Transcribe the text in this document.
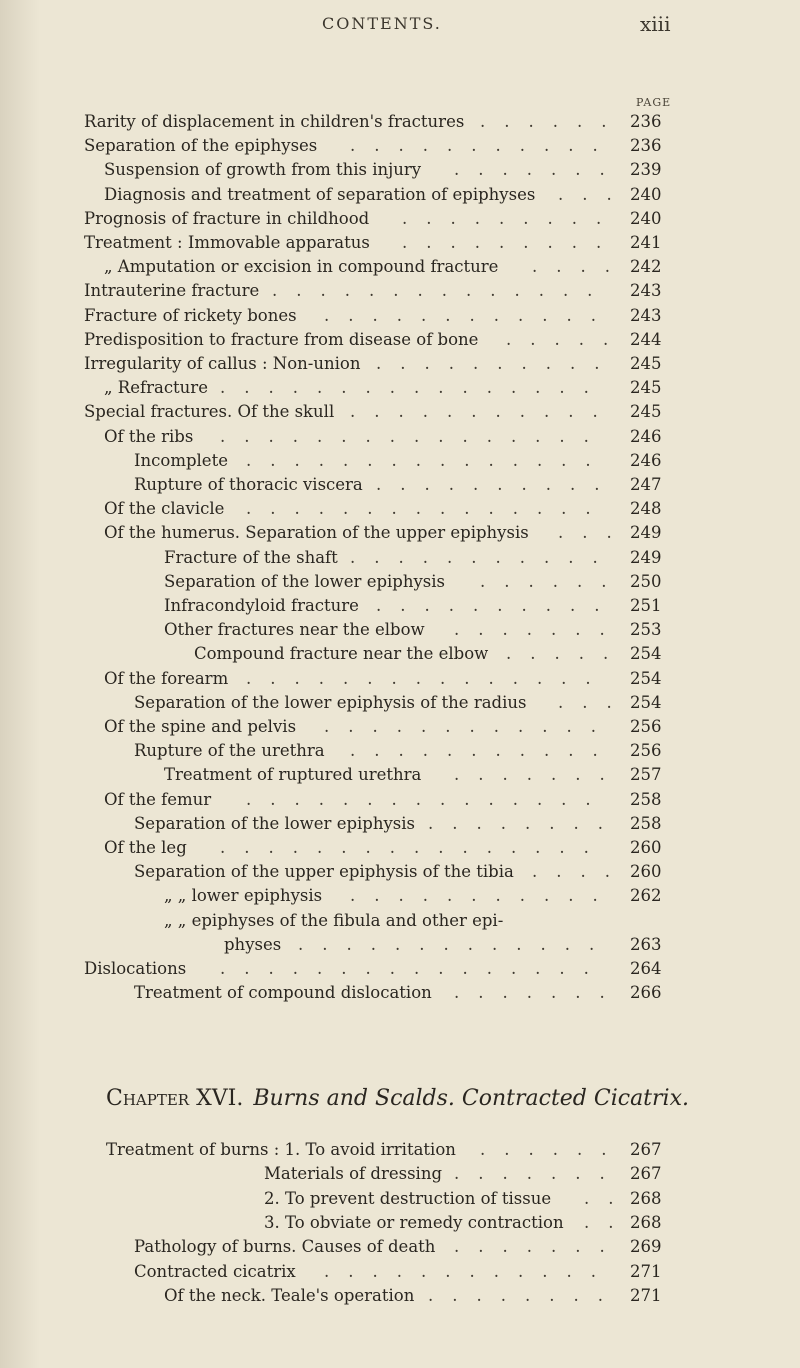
CONTENTS.	xiii
PAGE
Rarity of displacement in children's fractures	236
......
Separation of the epiphyses	236
...........
Suspension of growth from this injury	239
.......
Diagnosis and treatment of separation of epiphyses	240
...
Prognosis of fracture in childhood	240
.........
Treatment : Immovable apparatus	241
.........
„ Amputation or excision in compound fracture	242
....
Intrauterine fracture	243
..............
Fracture of rickety bones	243
............
Predisposition to fracture from disease of bone	244
.....
Irregularity of callus : Non-union	245
..........
„ Refracture	245
................
Special fractures. Of the skull	245
...........
Of the ribs	246
................
Incomplete	246
...............
Rupture of thoracic viscera	247
..........
Of the clavicle	248
...............
Of the humerus. Separation of the upper epiphysis	249
...
Fracture of the shaft	249
...........
Separation of the lower epiphysis	250
......
Infracondyloid fracture	251
..........
Other fractures near the elbow	253
.......
Compound fracture near the elbow	254
.....
Of the forearm	254
...............
Separation of the lower epiphysis of the radius	254
...
Of the spine and pelvis	256
............
Rupture of the urethra	256
...........
Treatment of ruptured urethra	257
.......
Of the femur	258
...............
Separation of the lower epiphysis	258
........
Of the leg	260
................
Separation of the upper epiphysis of the tibia	260
....
„ „ lower epiphysis	262
...........
„ „ epiphyses of the fibula and other epi-
physes	263
.............
Dislocations	264
................
Treatment of compound dislocation	266
.......
Chapter XVI. Burns and Scalds. Contracted Cicatrix.
Treatment of burns : 1. To avoid irritation	267
......
Materials of dressing	267
.......
2. To prevent destruction of tissue	268
..
3. To obviate or remedy contraction	268
..
Pathology of burns. Causes of death	269
.......
Contracted cicatrix	271
............
Of the neck. Teale's operation	271
........
